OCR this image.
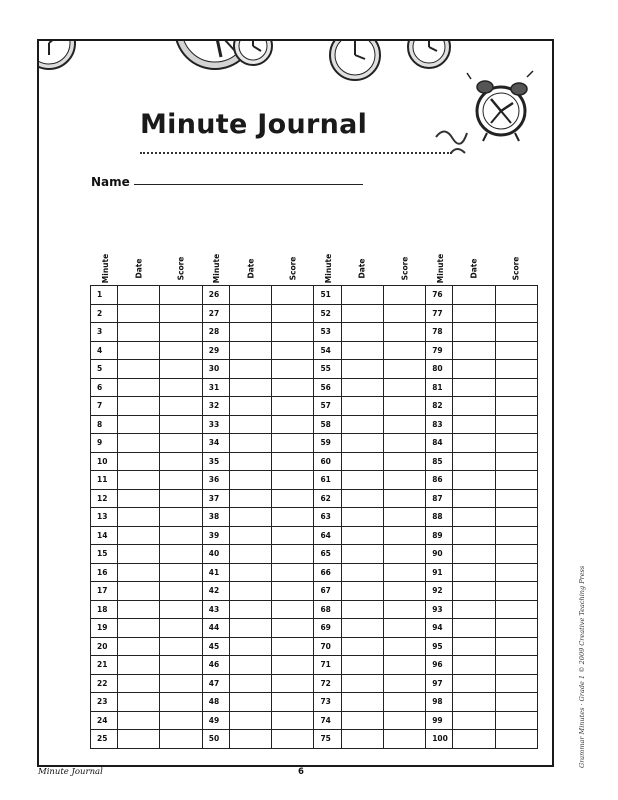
Minute Journal
Name
Minute	Date	Score	Minute	Date	Score	Minute	Date	Score	Minute	Date	Score
1			26			51			76		
2			27			52			77		
3			28			53			78		
4			29			54			79		
5			30			55			80		
6			31			56			81		
7			32			57			82		
8			33			58			83		
9			34			59			84		
10			35			60			85		
11			36			61			86		
12			37			62			87		
13			38			63			88		
14			39			64			89		
15			40			65			90		
16			41			66			91		
17			42			67			92		
18			43			68			93		
19			44			69			94		
20			45			70			95		
21			46			71			96		
22			47			72			97		
23			48			73			98		
24			49			74			99		
25			50			75			100		
Minute Journal	6
Grammar Minutes · Grade 1 © 2009 Creative Teaching Press
